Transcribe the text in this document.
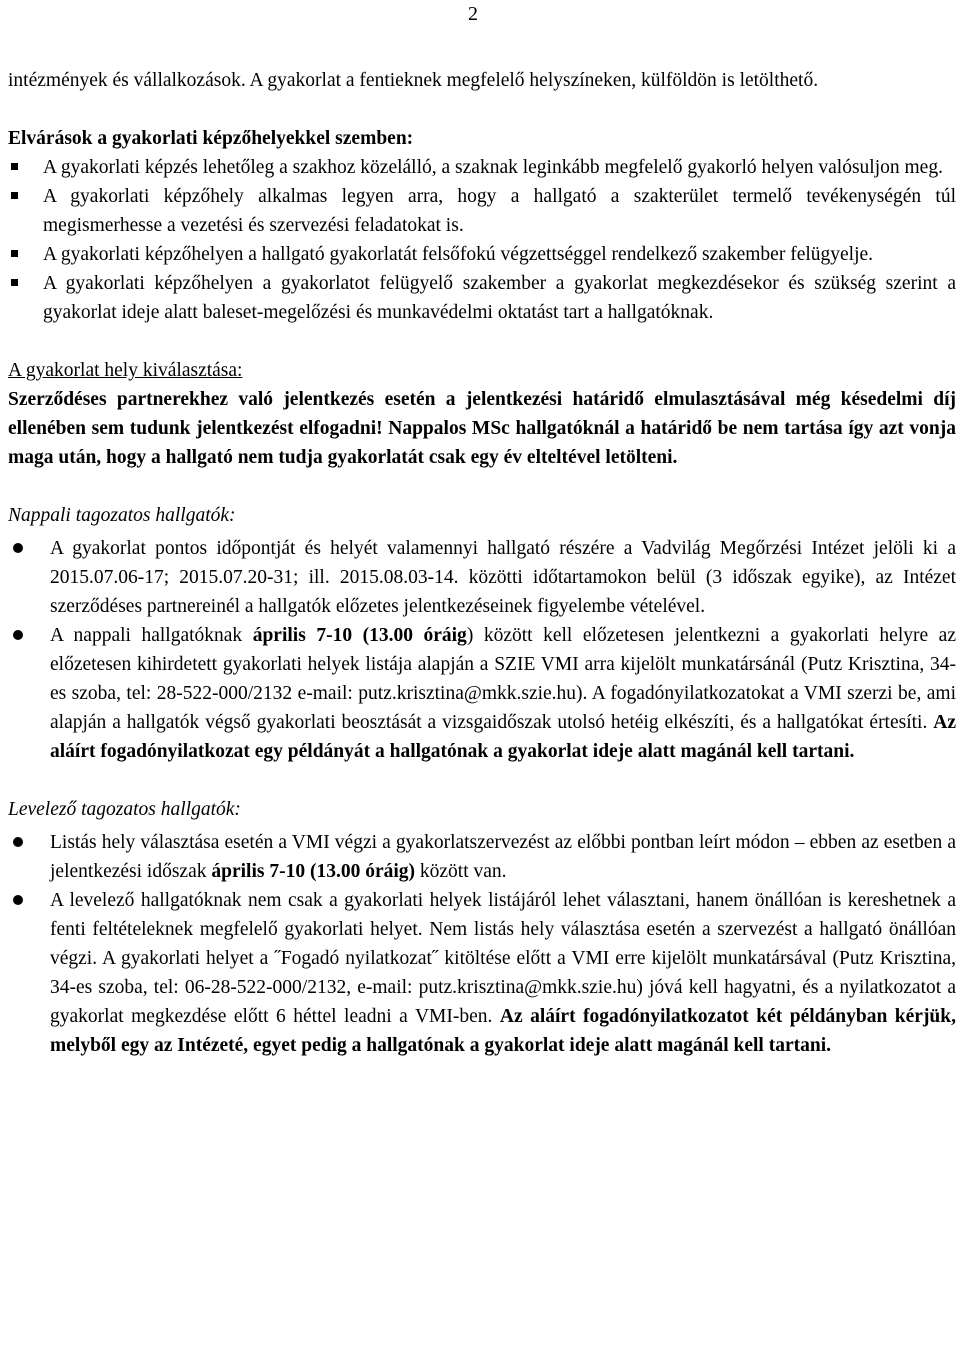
2

intézmények és vállalkozások. A gyakorlat a fentieknek megfelelő helyszíneken, külföldön is letölthető.

Elvárások a gyakorlati képzőhelyekkel szemben:

A gyakorlati képzés lehetőleg a szakhoz közelálló, a szaknak leginkább megfelelő gyakorló helyen valósuljon meg.
A gyakorlati képzőhely alkalmas legyen arra, hogy a hallgató a szakterület termelő tevékenységén túl megismerhesse a vezetési és szervezési feladatokat is.
A gyakorlati képzőhelyen a hallgató gyakorlatát felsőfokú végzettséggel rendelkező szakember felügyelje.
A gyakorlati képzőhelyen a gyakorlatot felügyelő szakember a gyakorlat megkezdésekor és szükség szerint a gyakorlat ideje alatt baleset-megelőzési és munkavédelmi oktatást tart a hallgatóknak.

A gyakorlat hely kiválasztása:

Szerződéses partnerekhez való jelentkezés esetén a jelentkezési határidő elmulasztásával még késedelmi díj ellenében sem tudunk jelentkezést elfogadni! Nappalos MSc hallgatóknál a határidő be nem tartása így azt vonja maga után, hogy a hallgató nem tudja gyakorlatát csak egy év elteltével letölteni.

Nappali tagozatos hallgatók:

A gyakorlat pontos időpontját és helyét valamennyi hallgató részére a Vadvilág Megőrzési Intézet jelöli ki a 2015.07.06-17; 2015.07.20-31; ill. 2015.08.03-14. közötti időtartamokon belül (3 időszak egyike), az Intézet szerződéses partnereinél a hallgatók előzetes jelentkezéseinek figyelembe vételével.
A nappali hallgatóknak április 7-10 (13.00 óráig) között kell előzetesen jelentkezni a gyakorlati helyre az előzetesen kihirdetett gyakorlati helyek listája alapján a SZIE VMI arra kijelölt munkatársánál (Putz Krisztina, 34-es szoba, tel: 28-522-000/2132 e-mail: putz.krisztina@mkk.szie.hu). A fogadónyilatkozatokat a VMI szerzi be, ami alapján a hallgatók végső gyakorlati beosztását a vizsgaidőszak utolsó hetéig elkészíti, és a hallgatókat értesíti. Az aláírt fogadónyilatkozat egy példányát a hallgatónak a gyakorlat ideje alatt magánál kell tartani.

Levelező tagozatos hallgatók:

Listás hely választása esetén a VMI végzi a gyakorlatszervezést az előbbi pontban leírt módon – ebben az esetben a jelentkezési időszak április 7-10 (13.00 óráig) között van.
A levelező hallgatóknak nem csak a gyakorlati helyek listájáról lehet választani, hanem önállóan is kereshetnek a fenti feltételeknek megfelelő gyakorlati helyet. Nem listás hely választása esetén a szervezést a hallgató önállóan végzi. A gyakorlati helyet a ˝Fogadó nyilatkozat˝ kitöltése előtt a VMI erre kijelölt munkatársával (Putz Krisztina, 34-es szoba, tel: 06-28-522-000/2132, e-mail: putz.krisztina@mkk.szie.hu) jóvá kell hagyatni, és a nyilatkozatot a gyakorlat megkezdése előtt 6 héttel leadni a VMI-ben. Az aláírt fogadónyilatkozatot két példányban kérjük, melyből egy az Intézeté, egyet pedig a hallgatónak a gyakorlat ideje alatt magánál kell tartani.
